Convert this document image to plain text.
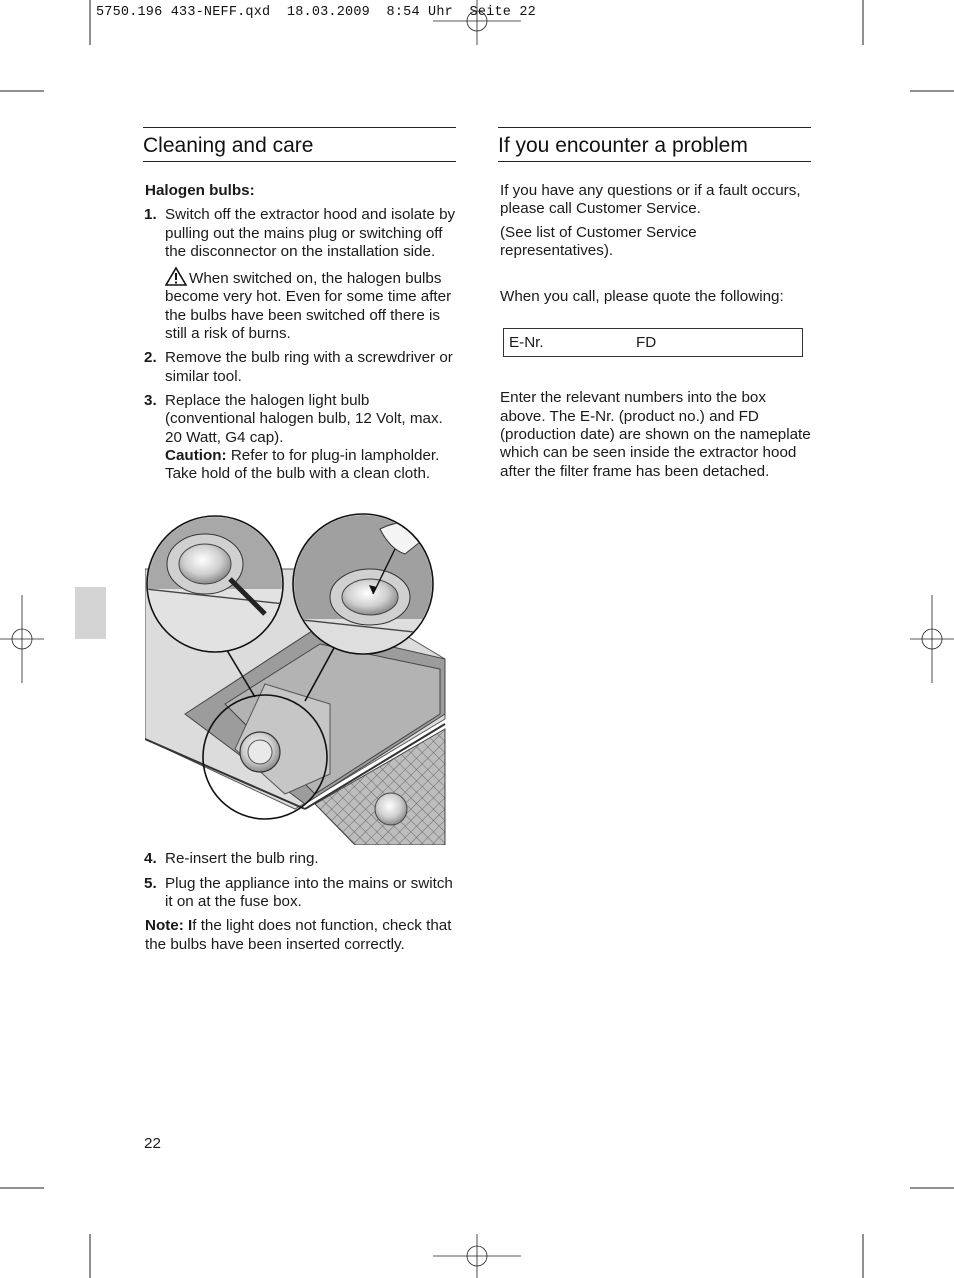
5750.196 433-NEFF.qxd  18.03.2009  8:54 Uhr  Seite 22
Cleaning and care
Halogen bulbs:
1. Switch off the extractor hood and isolate by pulling out the mains plug or switching off the disconnector on the installation side.
When switched on, the halogen bulbs become very hot. Even for some time after the bulbs have been switched off there is still a risk of burns.
2. Remove the bulb ring with a screwdriver or similar tool.
3. Replace the halogen light bulb (conventional halogen bulb, 12 Volt, max. 20 Watt, G4 cap).
Caution: Refer to for plug-in lampholder.
Take hold of the bulb with a clean cloth.
4. Re-insert the bulb ring.
5. Plug the appliance into the mains or switch it on at the fuse box.

Note: If the light does not function, check that the bulbs have been inserted correctly.

If you encounter a problem

If you have any questions or if a fault occurs, please call Customer Service.

(See list of Customer Service representatives).

When you call, please quote the following:

E-Nr.	FD

Enter the relevant numbers into the box above. The E-Nr. (product no.) and FD (production date) are shown on the nameplate which can be seen inside the extractor hood after the filter frame has been detached.

22
